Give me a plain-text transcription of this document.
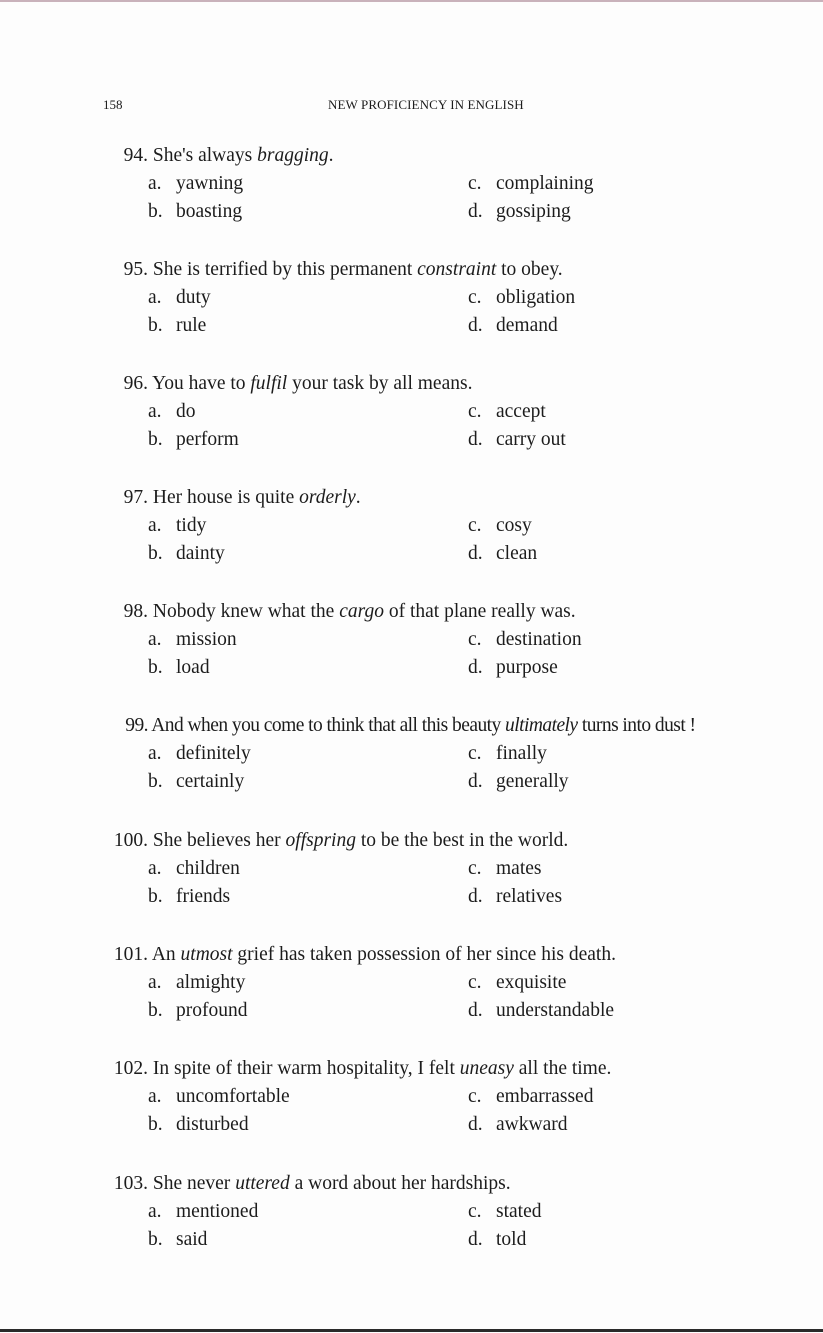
158	NEW PROFICIENCY IN ENGLISH
94. She's always bragging.
a. yawning
b. boasting
c. complaining
d. gossiping
95. She is terrified by this permanent constraint to obey.
a. duty
b. rule
c. obligation
d. demand
96. You have to fulfil your task by all means.
a. do
b. perform
c. accept
d. carry out
97. Her house is quite orderly.
a. tidy
b. dainty
c. cosy
d. clean
98. Nobody knew what the cargo of that plane really was.
a. mission
b. load
c. destination
d. purpose
99. And when you come to think that all this beauty ultimately turns into dust !
a. definitely
b. certainly
c. finally
d. generally
100. She believes her offspring to be the best in the world.
a. children
b. friends
c. mates
d. relatives
101. An utmost grief has taken possession of her since his death.
a. almighty
b. profound
c. exquisite
d. understandable
102. In spite of their warm hospitality, I felt uneasy all the time.
a. uncomfortable
b. disturbed
c. embarrassed
d. awkward
103. She never uttered a word about her hardships.
a. mentioned
b. said
c. stated
d. told
